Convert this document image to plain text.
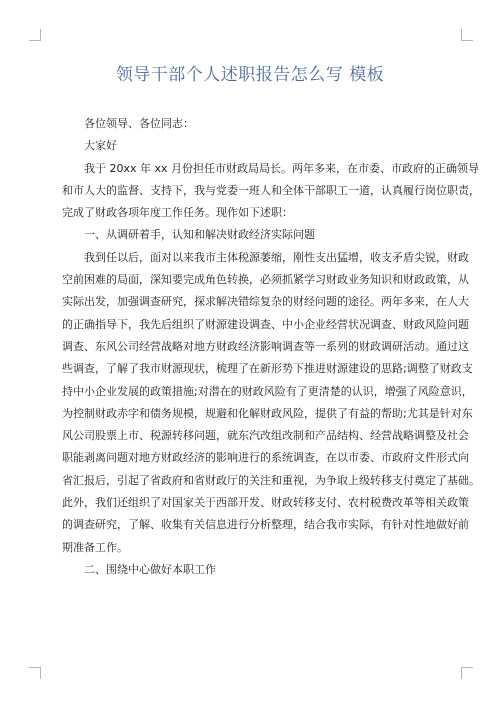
领导干部个人述职报告怎么写 模板

各位领导、各位同志：

大家好

我于 20xx 年 xx 月份担任市财政局局长。两年多来，在市委、市政府的正确领导
和市人大的监督、支持下，我与党委一班人和全体干部职工一道，认真履行岗位职责，
完成了财政各项年度工作任务。现作如下述职：

一、从调研着手，认知和解决财政经济实际问题

我到任以后，面对以来我市主体税源萎缩，刚性支出猛增，收支矛盾尖锐，财政
空前困难的局面，深知要完成角色转换，必须抓紧学习财政业务知识和财政政策，从
实际出发，加强调查研究，探求解决错综复杂的财经问题的途径。两年多来，在人大
的正确指导下，我先后组织了财源建设调查、中小企业经营状况调查、财政风险问题
调查、东风公司经营战略对地方财政经济影响调查等一系列的财政调研活动。通过这
些调查，了解了我市财源现状，梳理了在新形势下推进财源建设的思路;调整了财政支
持中小企业发展的政策措施;对潜在的财政风险有了更清楚的认识，增强了风险意识，
为控制财政赤字和债务规模，规避和化解财政风险，提供了有益的帮助;尤其是针对东
风公司股票上市、税源转移问题，就东汽改组改制和产品结构、经营战略调整及社会
职能剥离问题对地方财政经济的影响进行的系统调查，在以市委、市政府文件形式向
省汇报后，引起了省政府和省财政厅的关注和重视，为争取上级转移支付奠定了基础。
此外，我们还组织了对国家关于西部开发、财政转移支付、农村税费改革等相关政策
的调查研究，了解、收集有关信息进行分析整理，结合我市实际，有针对性地做好前
期准备工作。

二、围绕中心做好本职工作
